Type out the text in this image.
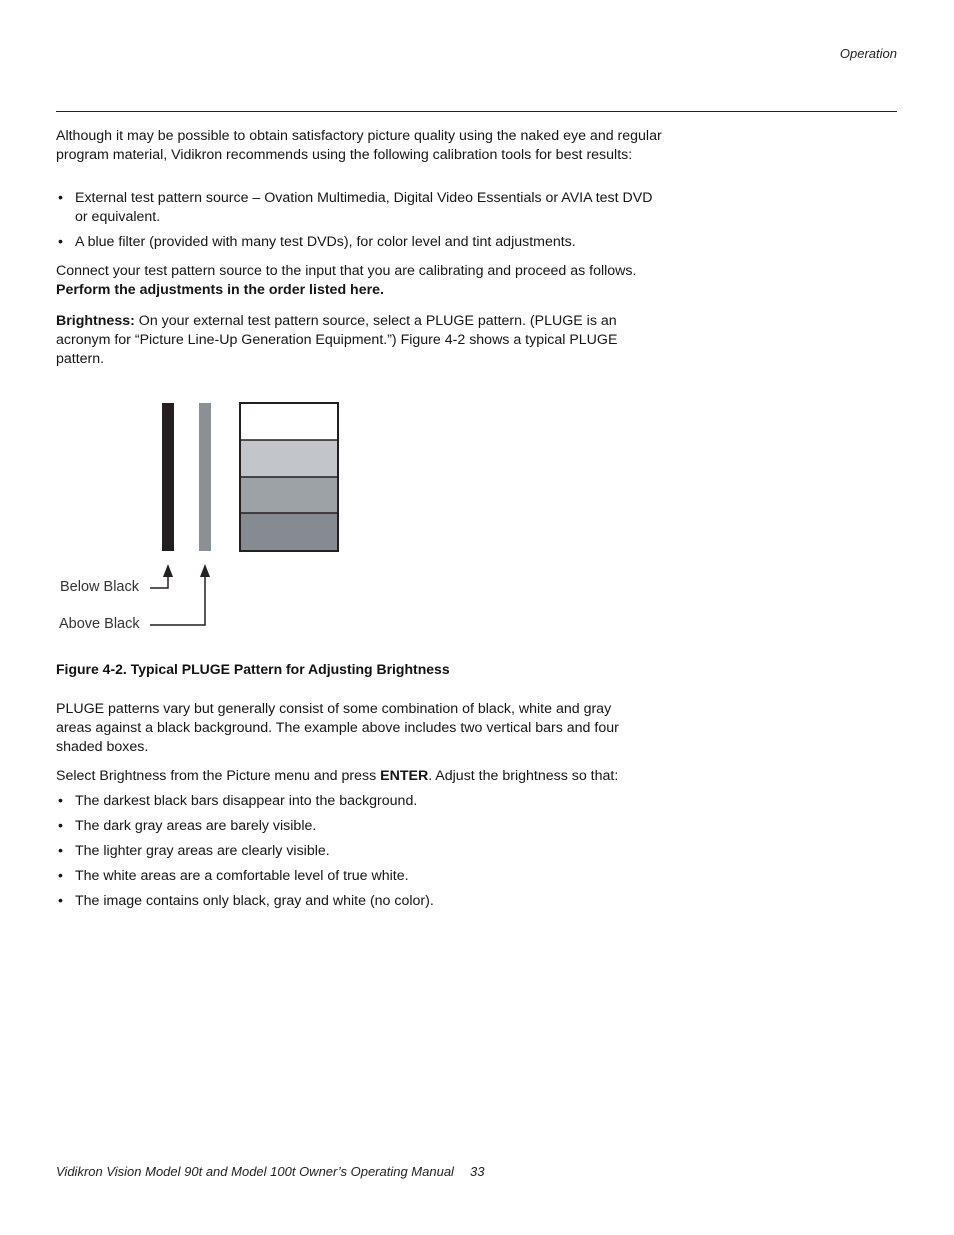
Operation

Although it may be possible to obtain satisfactory picture quality using the naked eye and regular program material, Vidikron recommends using the following calibration tools for best results:

• External test pattern source – Ovation Multimedia, Digital Video Essentials or AVIA test DVD or equivalent.
• A blue filter (provided with many test DVDs), for color level and tint adjustments.

Connect your test pattern source to the input that you are calibrating and proceed as follows.
Perform the adjustments in the order listed here.

Brightness: On your external test pattern source, select a PLUGE pattern. (PLUGE is an acronym for “Picture Line-Up Generation Equipment.”) Figure 4-2 shows a typical PLUGE pattern.

Below Black
Above Black
Figure 4-2. Typical PLUGE Pattern for Adjusting Brightness

PLUGE patterns vary but generally consist of some combination of black, white and gray areas against a black background. The example above includes two vertical bars and four shaded boxes.

Select Brightness from the Picture menu and press ENTER. Adjust the brightness so that:

• The darkest black bars disappear into the background.
• The dark gray areas are barely visible.
• The lighter gray areas are clearly visible.
• The white areas are a comfortable level of true white.
• The image contains only black, gray and white (no color).
Vidikron Vision Model 90t and Model 100t Owner’s Operating Manual 33
